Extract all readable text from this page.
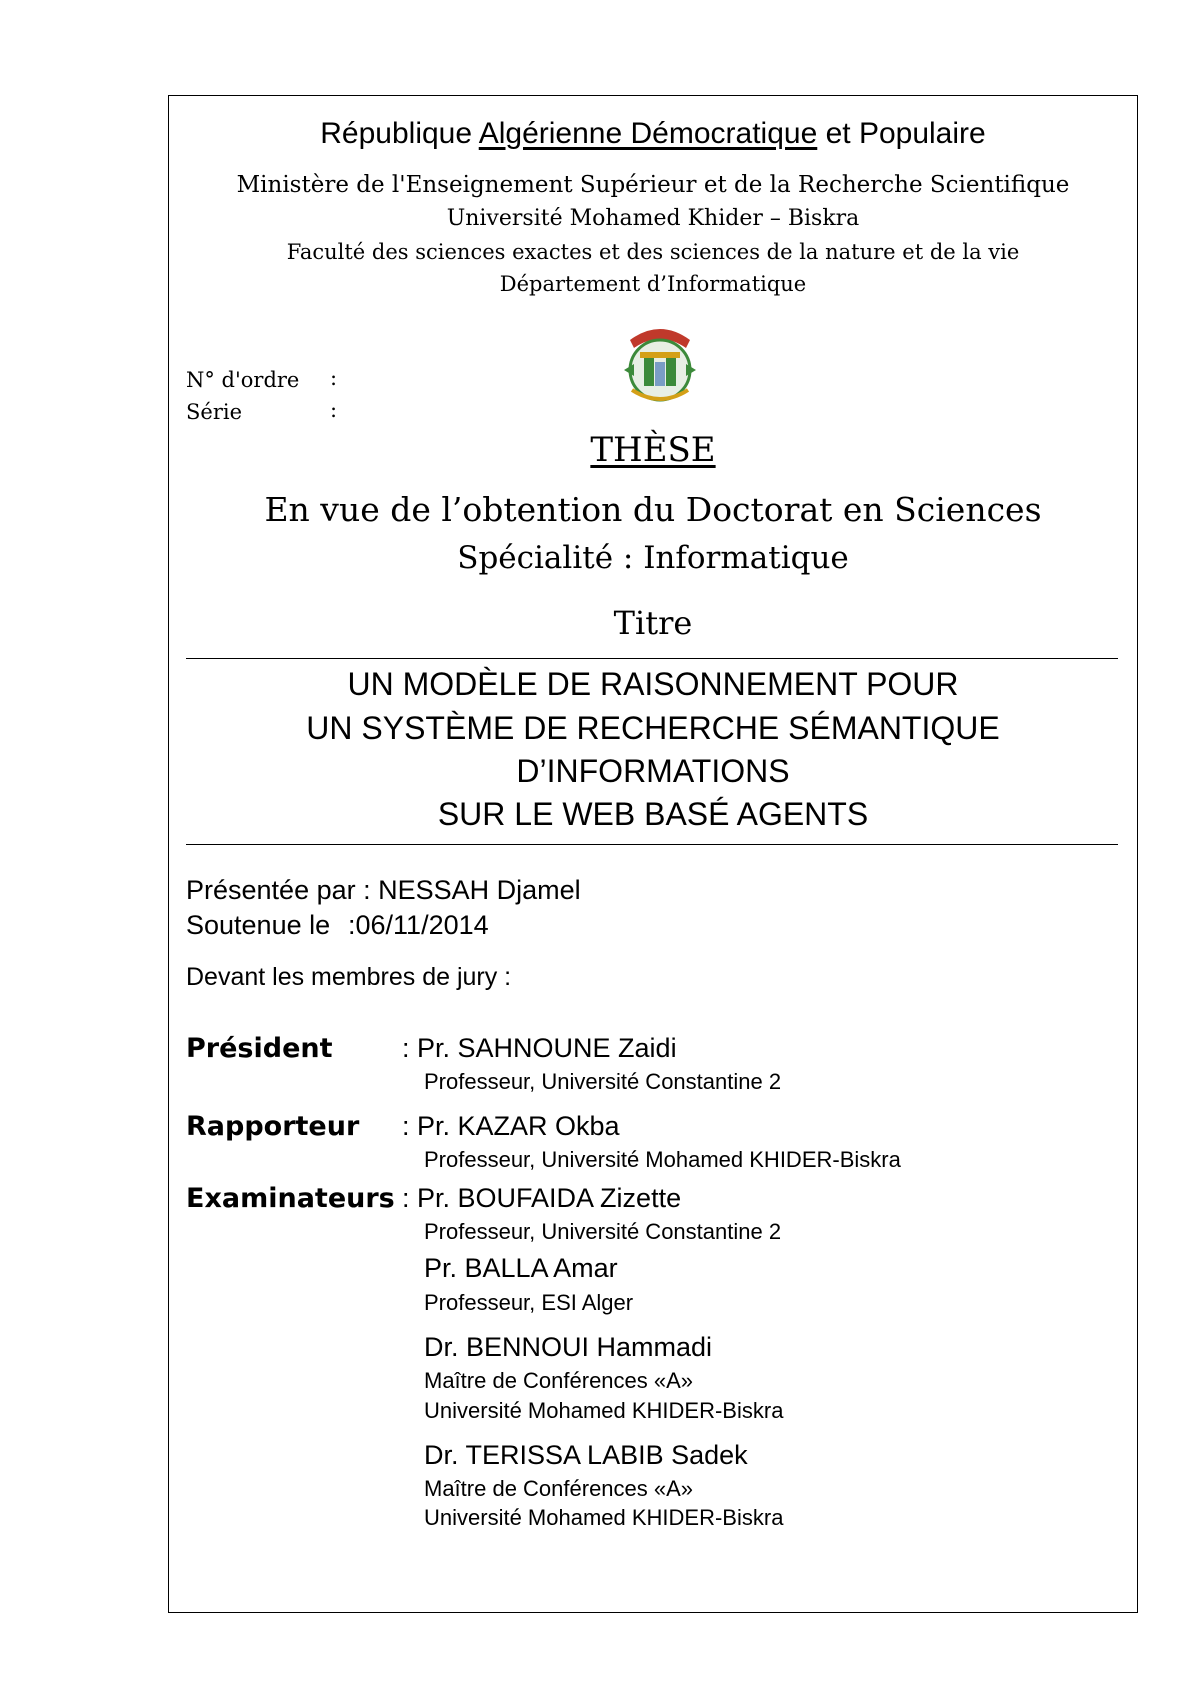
République Algérienne Démocratique et Populaire
Ministère de l'Enseignement Supérieur et de la Recherche Scientifique
Université Mohamed Khider – Biskra
Faculté des sciences exactes et des sciences de la nature et de la vie
Département d’Informatique
N° d'ordre :
Série	:
THÈSE
En vue de l’obtention du Doctorat en Sciences
Spécialité : Informatique
Titre
UN MODÈLE DE RAISONNEMENT POUR
UN SYSTÈME DE RECHERCHE SÉMANTIQUE
D’INFORMATIONS
SUR LE WEB BASÉ AGENTS
Présentée par : NESSAH Djamel
Soutenue le :06/11/2014
Devant les membres de jury :
Président	: Pr. SAHNOUNE Zaidi
Professeur, Université Constantine 2
Rapporteur : Pr. KAZAR Okba
Professeur, Université Mohamed KHIDER-Biskra
Examinateurs : Pr. BOUFAIDA Zizette
Professeur, Université Constantine 2
Pr. BALLA Amar
Professeur, ESI Alger
Dr. BENNOUI Hammadi
Maître de Conférences «A»
Université Mohamed KHIDER-Biskra
Dr. TERISSA LABIB Sadek
Maître de Conférences «A»
Université Mohamed KHIDER-Biskra
